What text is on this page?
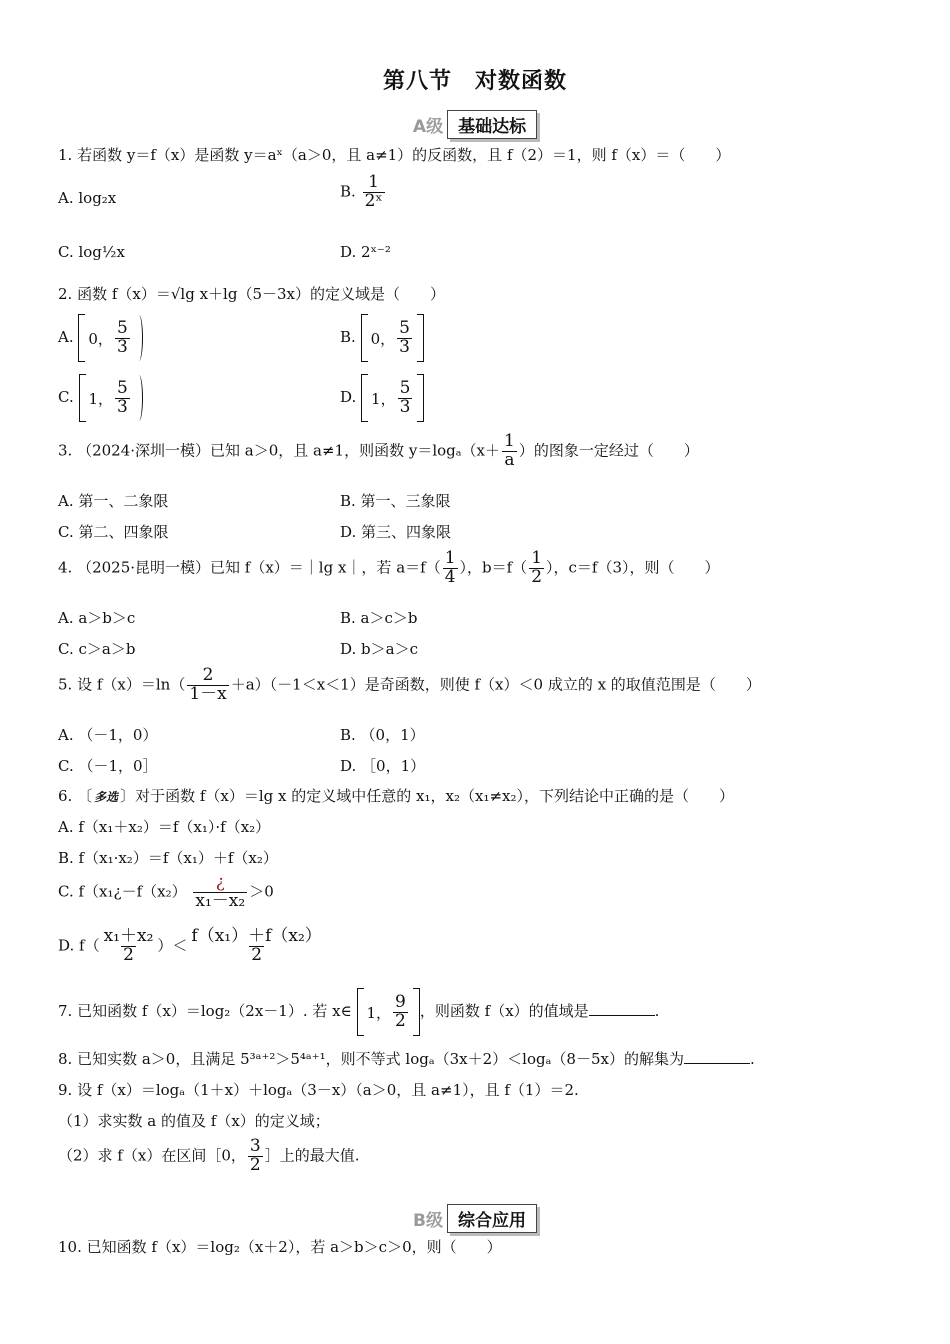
第八节　对数函数
A级 基础达标
1. 若函数 y＝f（x）是函数 y＝aˣ（a＞0，且 a≠1）的反函数，且 f（2）＝1，则 f（x）＝（　　）
A. log₂x	B. $\frac{1}{\text{2ˣ}}$
C. log½x	D. 2ˣ⁻²
2. 函数 f（x）＝√lg x＋lg（5－3x）的定义域是（　　）
A. 0， $\frac{5}{3}$	B. 0， $\frac{5}{3}$
C. 1， $\frac{5}{3}$	D. 1， $\frac{5}{3}$
3. （2024·深圳一模）已知 a＞0，且 a≠1，则函数 $y=\log_a(x+ \frac{1}{a}$ ）的图象一定经过（　　）
A. 第一、二象限	B. 第一、三象限
C. 第二、四象限	D. 第三、四象限
4. （2025·昆明一模）已知 f（x）＝｜lg x｜，若 $a=f( \frac{1}{4}$ ），$b=f( \frac{1}{2}$ ），c＝f（3），则（　　）
A. a＞b＞c	B. a＞c＞b
C. c＞a＞b	D. b＞a＞c
5. 设 $f(x)=\ln( \frac{2}{1-x} +a)(-1<x<1)$是奇函数，则使 f（x）＜0 成立的 x 的取值范围是（　　）
A. （－1，0）	B. （0，1）
C. （－1，0］	D. ［0，1）
6. 〔 多选 〕对于函数 f（x）＝lg x 的定义域中任意的 x₁，x₂（x₁≠x₂），下列结论中正确的是（　　）
A. f（x₁＋x₂）＝f（x₁）·f（x₂）
B. f（x₁·x₂）＝f（x₁）＋f（x₂）
C. f（x₁¿－f（x₂） $\frac{¿}{\text{x₁－x₂}} >0$
D. $f( \frac{\text{x₁＋x₂}}{2}$ ）＜ $\frac{\text{f（x₁）＋f（x₂）}}{2}$
7. 已知函数 f（x）＝log₂（2x－1）. 若 x∈ 1， $\frac{9}{2}$ ，则函数 f（x）的值域是	.
8. 已知实数 a＞0，且满足 5³ᵃ⁺²＞5⁴ᵃ⁺¹，则不等式 logₐ（3x＋2）＜logₐ（8－5x）的解集为	.
9. 设 f（x）＝logₐ（1＋x）＋logₐ（3－x）（a＞0，且 a≠1），且 f（1）＝2.
（1）求实数 a 的值及 f（x）的定义域；
（2）求 f（x）在区间［0， $\frac{3}{2}$ ］上的最大值.
B级 综合应用
10. 已知函数 f（x）＝log₂（x＋2），若 a＞b＞c＞0，则（　　）
